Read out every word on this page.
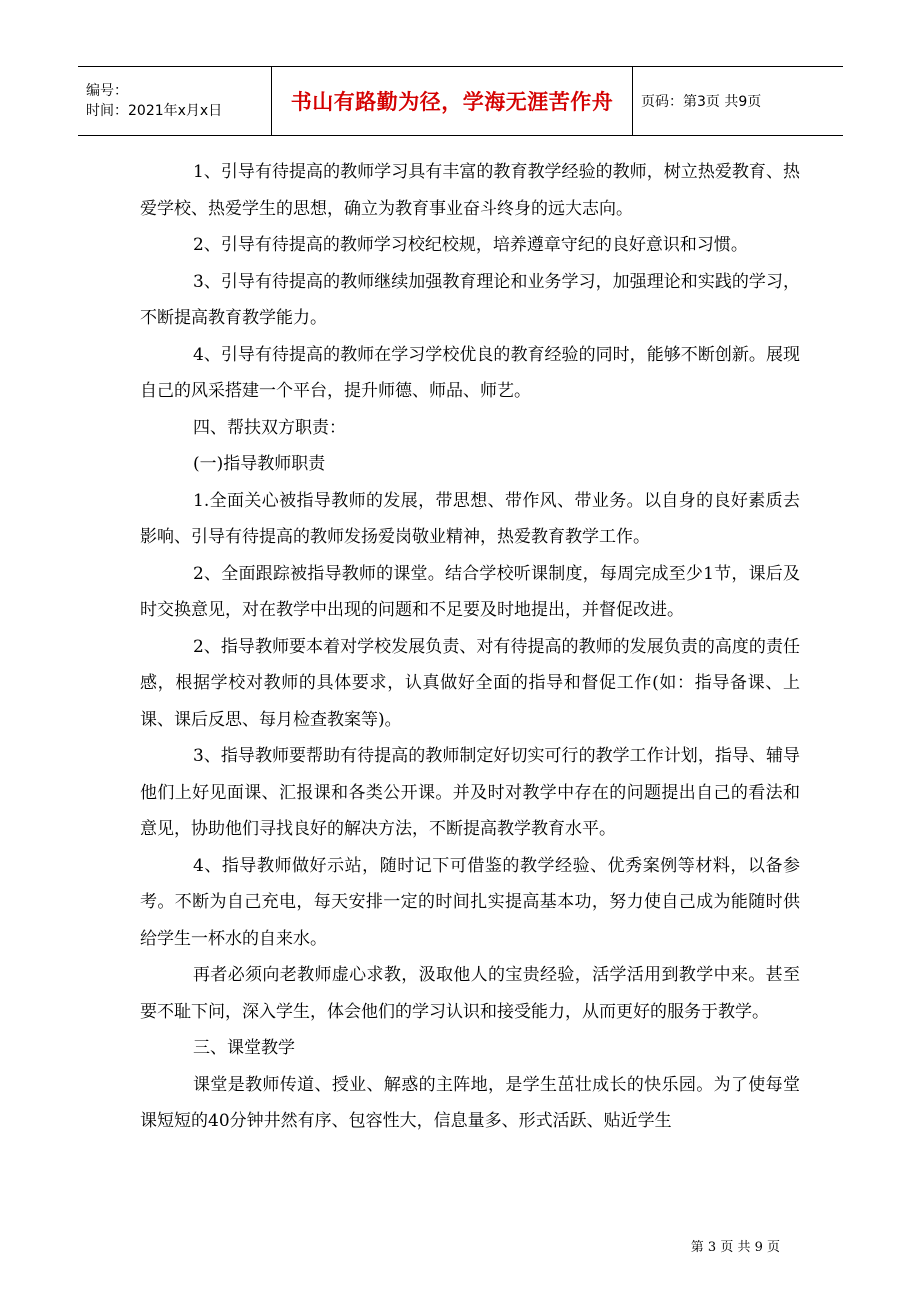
编号：
时间：2021年x月x日	书山有路勤为径，学海无涯苦作舟 页码：第3页 共9页

1、引导有待提高的教师学习具有丰富的教育教学经验的教师，树立热爱教育、热爱学校、热爱学生的思想，确立为教育事业奋斗终身的远大志向。

2、引导有待提高的教师学习校纪校规，培养遵章守纪的良好意识和习惯。

3、引导有待提高的教师继续加强教育理论和业务学习，加强理论和实践的学习，不断提高教育教学能力。

4、引导有待提高的教师在学习学校优良的教育经验的同时，能够不断创新。展现自己的风采搭建一个平台，提升师德、师品、师艺。

四、帮扶双方职责：

(一)指导教师职责

1.全面关心被指导教师的发展，带思想、带作风、带业务。以自身的良好素质去影响、引导有待提高的教师发扬爱岗敬业精神，热爱教育教学工作。

2、全面跟踪被指导教师的课堂。结合学校听课制度，每周完成至少1节，课后及时交换意见，对在教学中出现的问题和不足要及时地提出，并督促改进。

2、指导教师要本着对学校发展负责、对有待提高的教师的发展负责的高度的责任感，根据学校对教师的具体要求，认真做好全面的指导和督促工作(如：指导备课、上课、课后反思、每月检查教案等)。

3、指导教师要帮助有待提高的教师制定好切实可行的教学工作计划，指导、辅导他们上好见面课、汇报课和各类公开课。并及时对教学中存在的问题提出自己的看法和意见，协助他们寻找良好的解决方法，不断提高教学教育水平。

4、指导教师做好示站，随时记下可借鉴的教学经验、优秀案例等材料，以备参考。不断为自己充电，每天安排一定的时间扎实提高基本功，努力使自己成为能随时供给学生一杯水的自来水。

再者必须向老教师虚心求教，汲取他人的宝贵经验，活学活用到教学中来。甚至要不耻下问，深入学生，体会他们的学习认识和接受能力，从而更好的服务于教学。

三、课堂教学

课堂是教师传道、授业、解惑的主阵地，是学生茁壮成长的快乐园。为了使每堂课短短的40分钟井然有序、包容性大，信息量多、形式活跃、贴近学生

第 3 页 共 9 页
